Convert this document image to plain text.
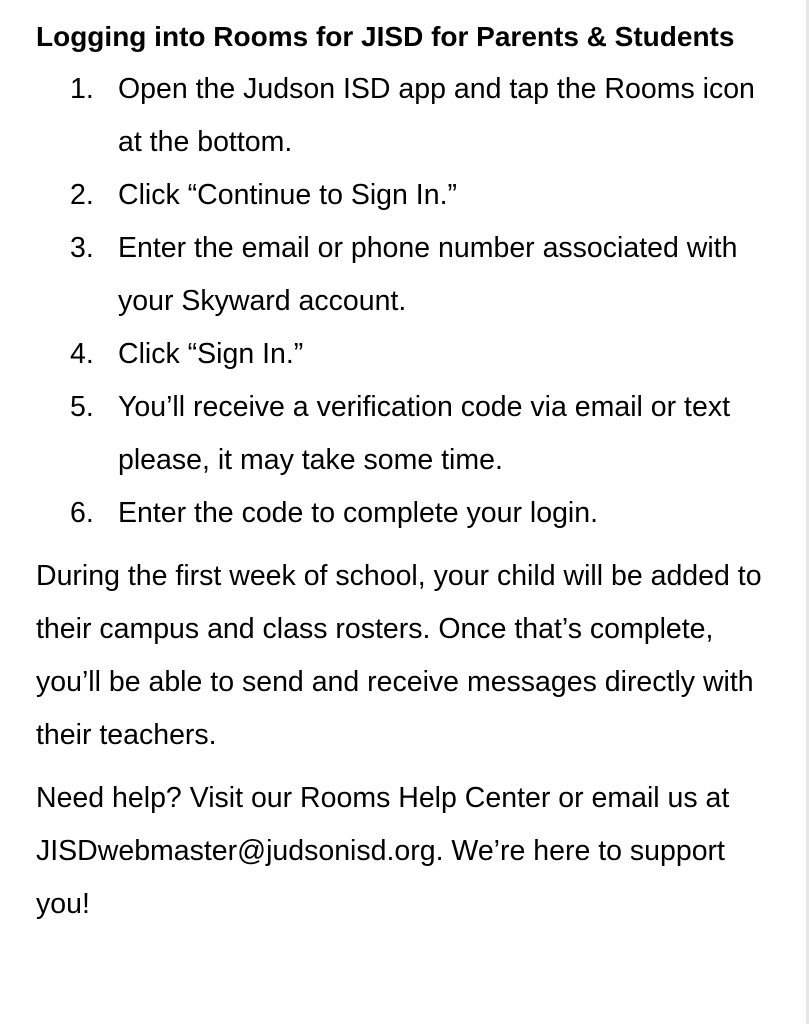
Logging into Rooms for JISD for Parents & Students
1. Open the Judson ISD app and tap the Rooms icon at the bottom.
2. Click “Continue to Sign In.”
3. Enter the email or phone number associated with your Skyward account.
4. Click “Sign In.”
5. You’ll receive a verification code via email or text please, it may take some time.
6. Enter the code to complete your login.

During the first week of school, your child will be added to their campus and class rosters. Once that’s complete, you’ll be able to send and receive messages directly with their teachers.

Need help? Visit our Rooms Help Center or email us at JISDwebmaster@judsonisd.org. We’re here to support you!
